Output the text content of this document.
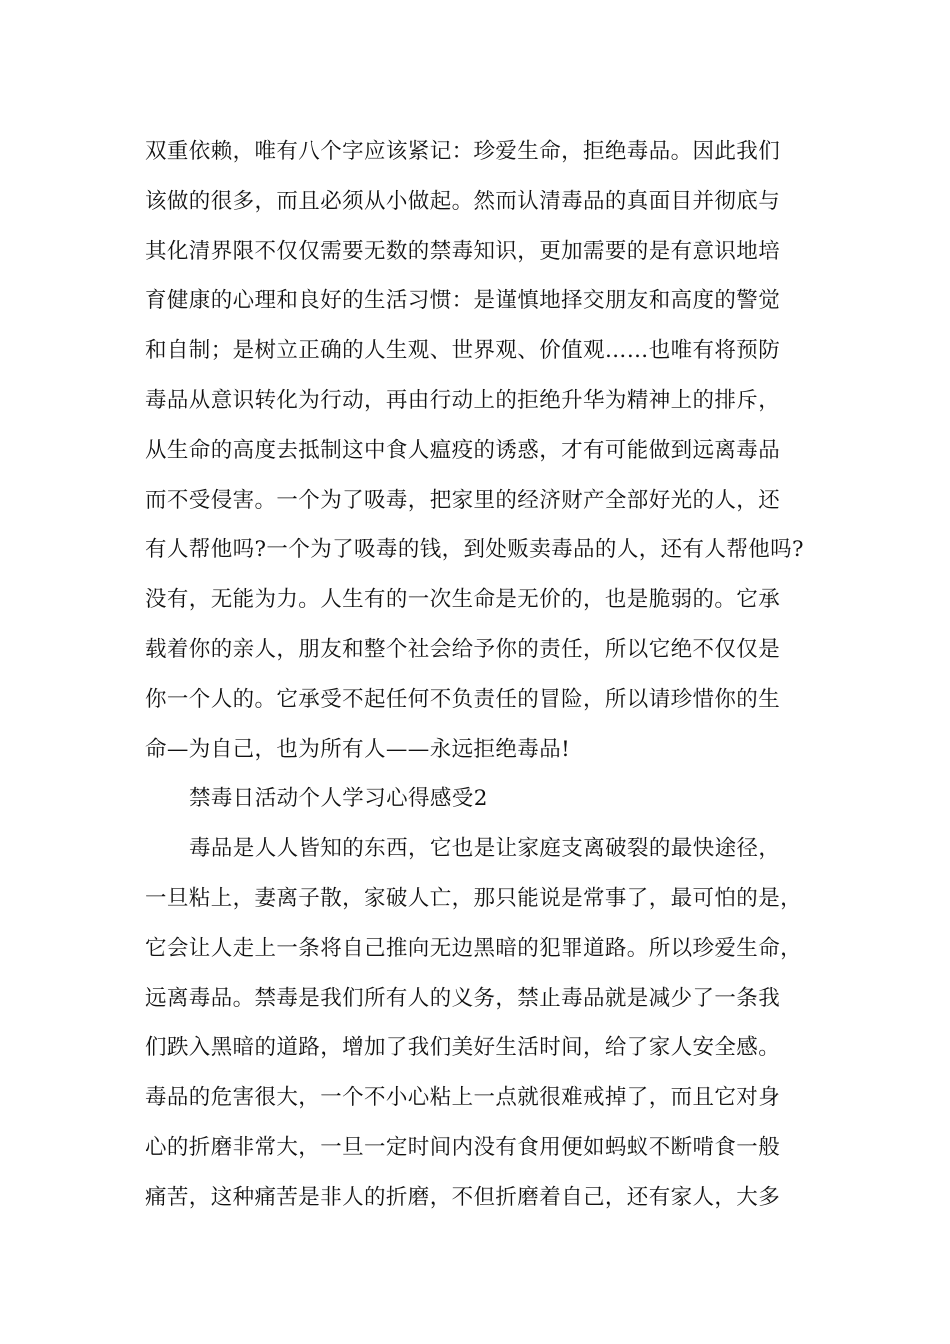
双重依赖，唯有八个字应该紧记：珍爱生命，拒绝毒品。因此我们
该做的很多，而且必须从小做起。然而认清毒品的真面目并彻底与
其化清界限不仅仅需要无数的禁毒知识，更加需要的是有意识地培
育健康的心理和良好的生活习惯：是谨慎地择交朋友和高度的警觉
和自制；是树立正确的人生观、世界观、价值观……也唯有将预防
毒品从意识转化为行动，再由行动上的拒绝升华为精神上的排斥，
从生命的高度去抵制这中食人瘟疫的诱惑，才有可能做到远离毒品
而不受侵害。一个为了吸毒，把家里的经济财产全部好光的人，还
有人帮他吗?一个为了吸毒的钱，到处贩卖毒品的人，还有人帮他吗?
没有，无能为力。人生有的一次生命是无价的，也是脆弱的。它承
载着你的亲人，朋友和整个社会给予你的责任，所以它绝不仅仅是
你一个人的。它承受不起任何不负责任的冒险，所以请珍惜你的生
命—为自己，也为所有人——永远拒绝毒品!
禁毒日活动个人学习心得感受2
毒品是人人皆知的东西，它也是让家庭支离破裂的最快途径，
一旦粘上，妻离子散，家破人亡，那只能说是常事了，最可怕的是，
它会让人走上一条将自己推向无边黑暗的犯罪道路。所以珍爱生命，
远离毒品。禁毒是我们所有人的义务，禁止毒品就是减少了一条我
们跌入黑暗的道路，增加了我们美好生活时间，给了家人安全感。
毒品的危害很大，一个不小心粘上一点就很难戒掉了，而且它对身
心的折磨非常大，一旦一定时间内没有食用便如蚂蚁不断啃食一般
痛苦，这种痛苦是非人的折磨，不但折磨着自己，还有家人，大多
